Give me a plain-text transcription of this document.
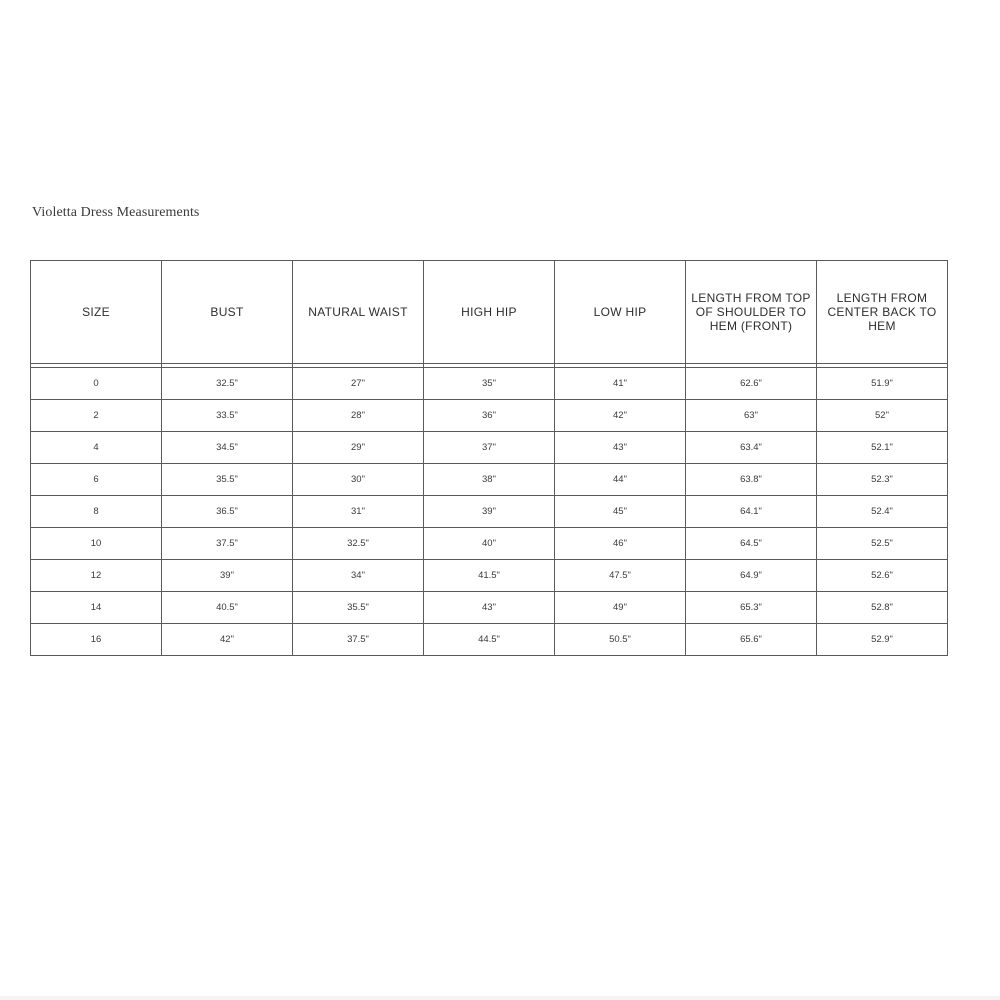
Violetta Dress Measurements
SIZE	BUST	NATURAL WAIST	HIGH HIP	LOW HIP	LENGTH FROM TOP OF SHOULDER TO HEM (FRONT)	LENGTH FROM CENTER BACK TO HEM

0	32.5"	27"	35"	41"	62.6"	51.9"
2	33.5"	28"	36"	42"	63"	52"
4	34.5"	29"	37"	43"	63.4"	52.1"
6	35.5"	30"	38"	44"	63.8"	52.3"
8	36.5"	31"	39"	45"	64.1"	52.4"
10	37.5"	32.5"	40"	46"	64.5"	52.5"
12	39"	34"	41.5"	47.5"	64.9"	52.6"
14	40.5"	35.5"	43"	49"	65.3"	52.8"
16	42"	37.5"	44.5"	50.5"	65.6"	52.9"
